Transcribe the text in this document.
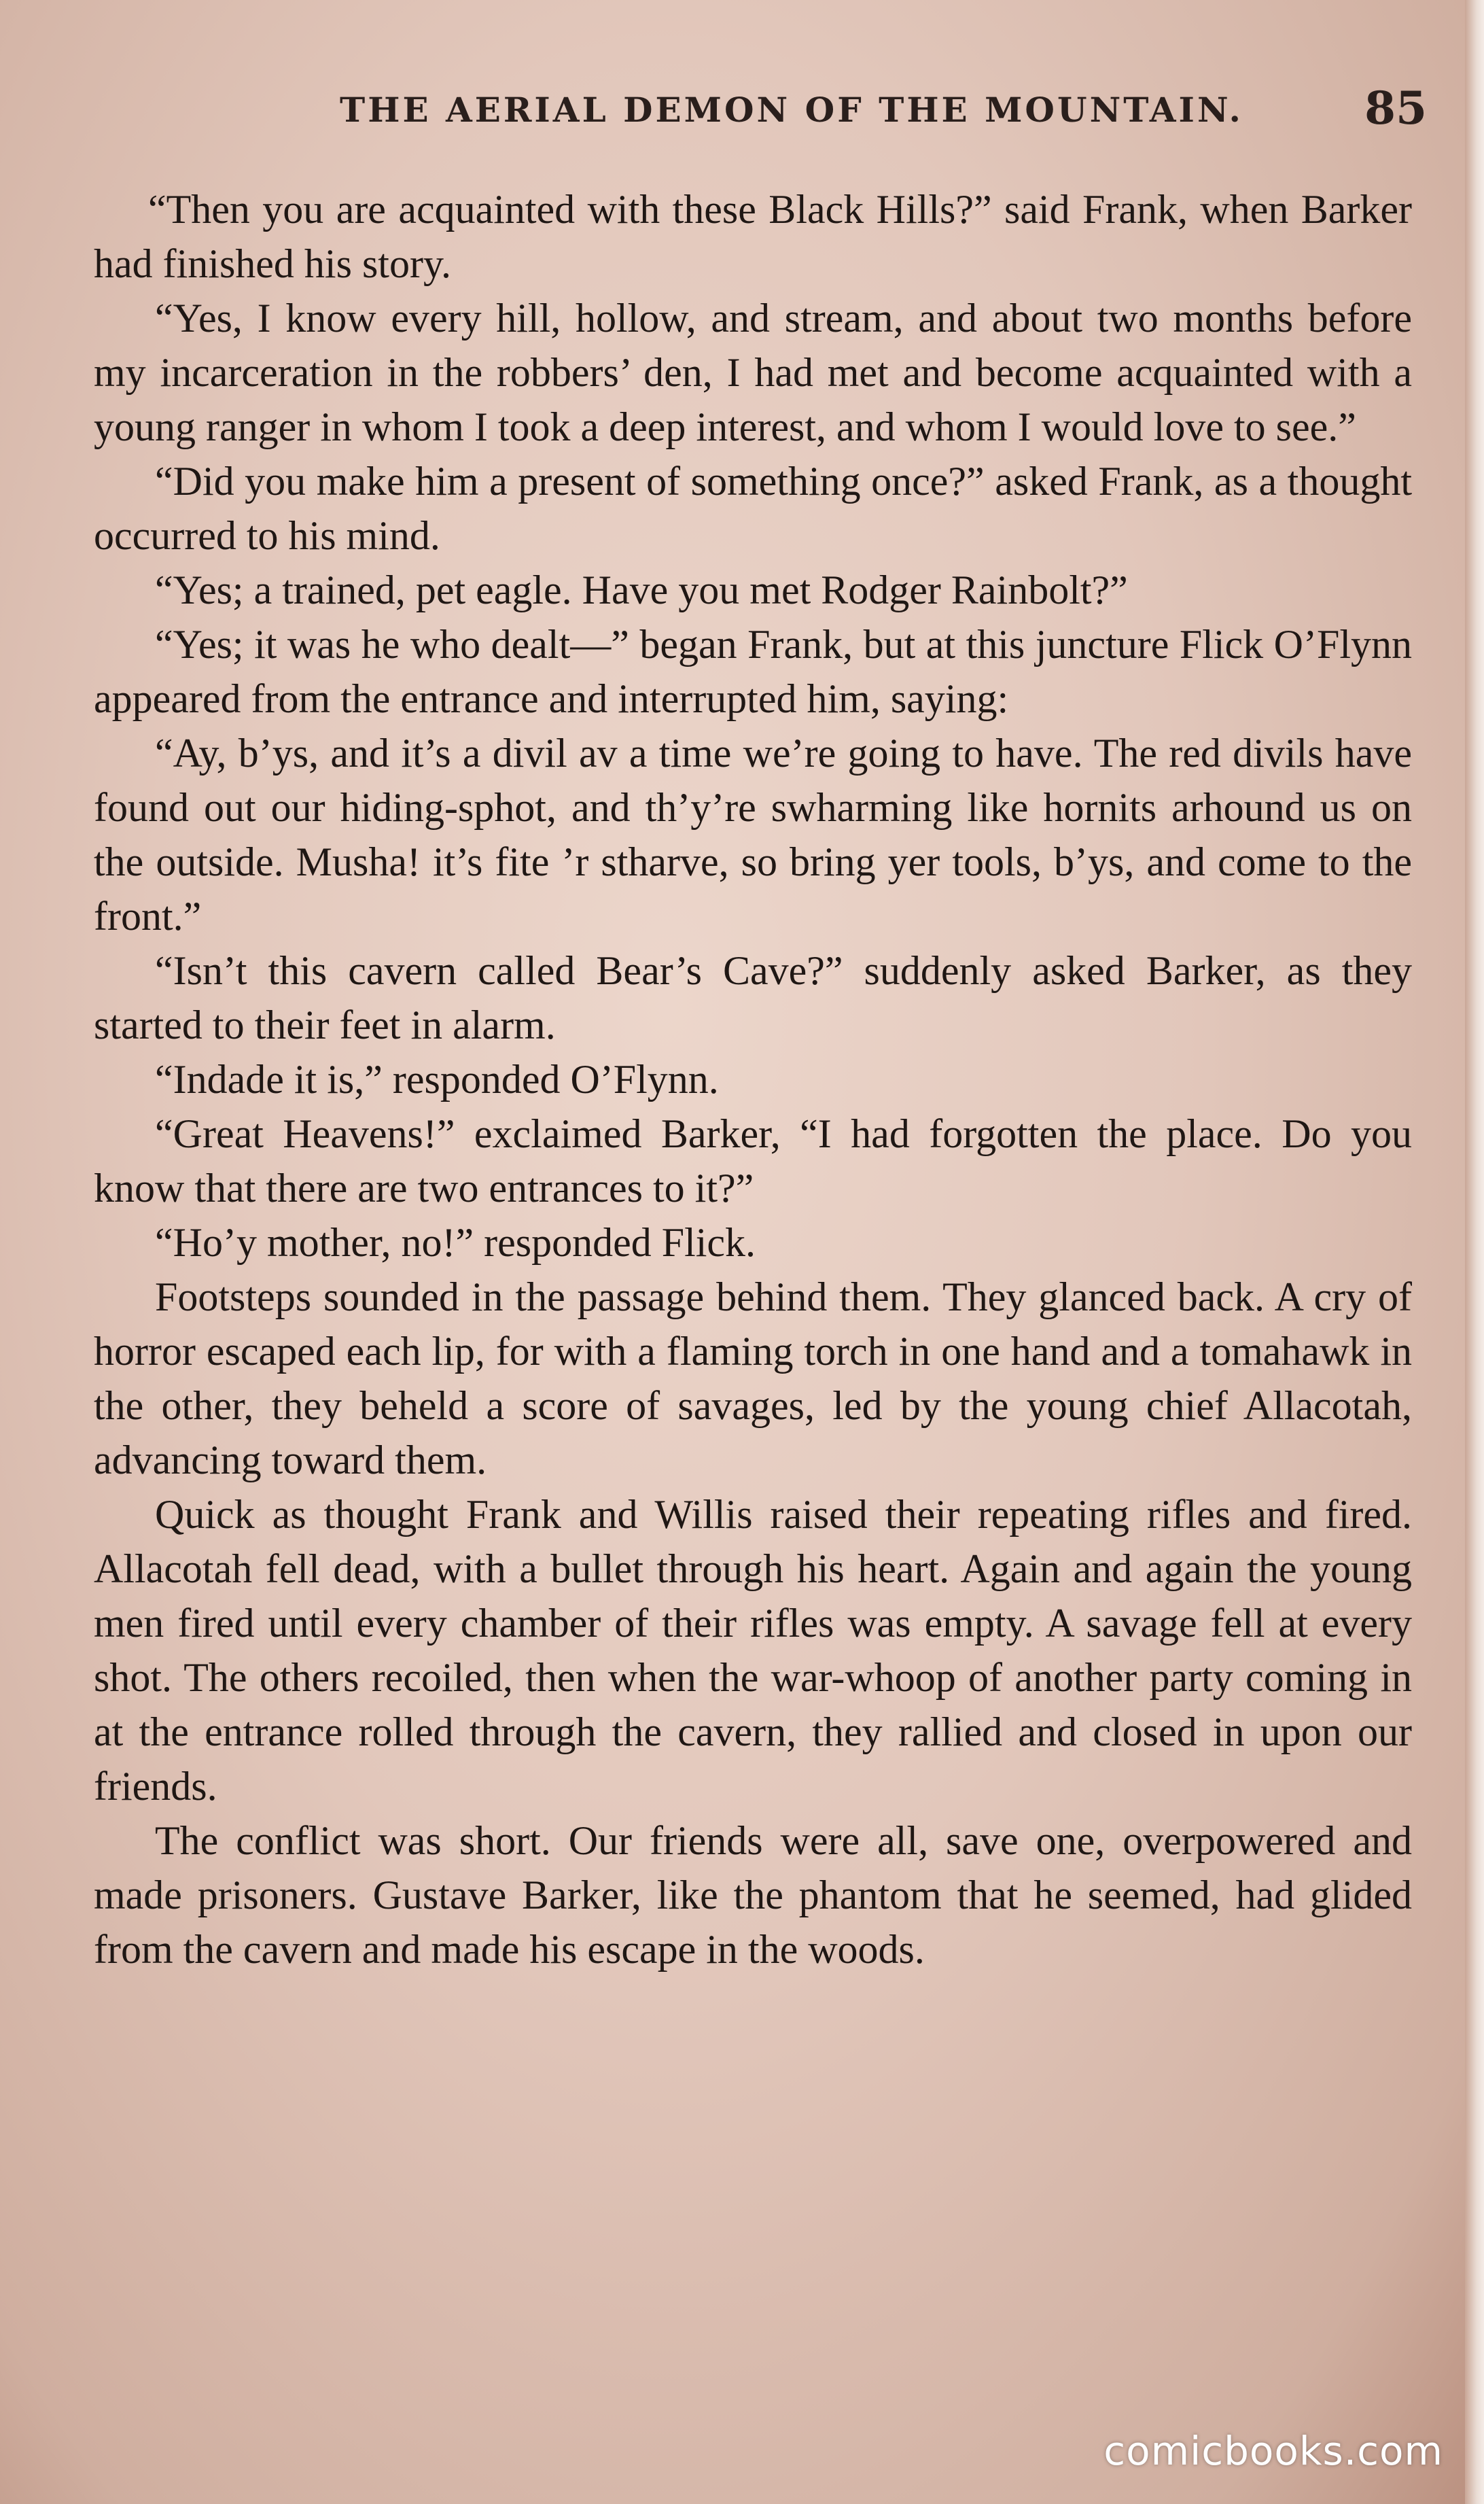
THE AERIAL DEMON OF THE MOUNTAIN.	85

“Then you are acquainted with these Black Hills?” said Frank, when Barker had finished his story.

“Yes, I know every hill, hollow, and stream, and about two months before my incarceration in the robbers’ den, I had met and become acquainted with a young ranger in whom I took a deep interest, and whom I would love to see.”

“Did you make him a present of something once?” asked Frank, as a thought occurred to his mind.

“Yes; a trained, pet eagle. Have you met Rodger Rainbolt?”

“Yes; it was he who dealt—” began Frank, but at this juncture Flick O’Flynn appeared from the entrance and interrupted him, saying:

“Ay, b’ys, and it’s a divil av a time we’re going to have. The red divils have found out our hiding-sphot, and th’y’re swharming like hornits arhound us on the outside. Musha! it’s fite ’r stharve, so bring yer tools, b’ys, and come to the front.”

“Isn’t this cavern called Bear’s Cave?” suddenly asked Barker, as they started to their feet in alarm.

“Indade it is,” responded O’Flynn.

“Great Heavens!” exclaimed Barker, “I had forgotten the place. Do you know that there are two entrances to it?”

“Ho’y mother, no!” responded Flick.

Footsteps sounded in the passage behind them. They glanced back. A cry of horror escaped each lip, for with a flaming torch in one hand and a tomahawk in the other, they beheld a score of savages, led by the young chief Allacotah, advancing toward them.

Quick as thought Frank and Willis raised their repeating rifles and fired. Allacotah fell dead, with a bullet through his heart. Again and again the young men fired until every chamber of their rifles was empty. A savage fell at every shot. The others recoiled, then when the war-whoop of another party coming in at the entrance rolled through the cavern, they rallied and closed in upon our friends.

The conflict was short. Our friends were all, save one, overpowered and made prisoners. Gustave Barker, like the phantom that he seemed, had glided from the cavern and made his escape in the woods.

comicbooks.com
